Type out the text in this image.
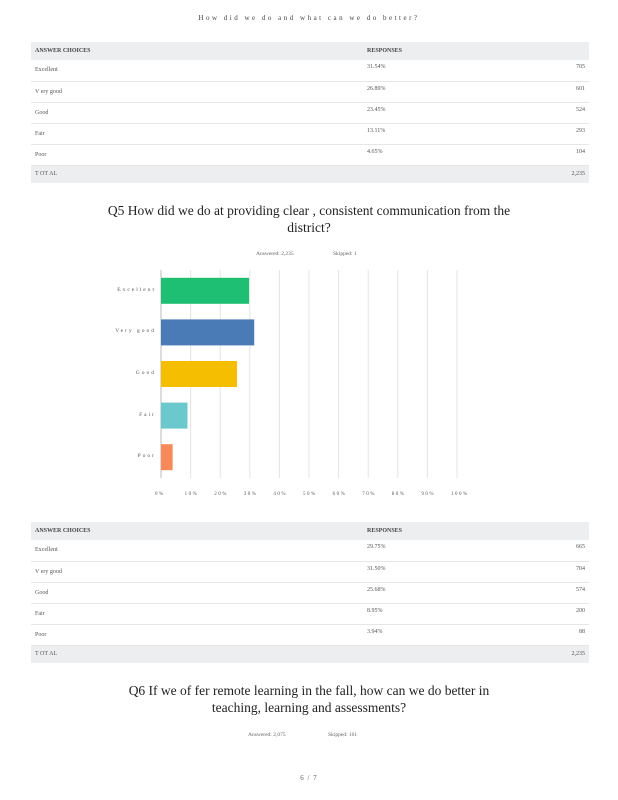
How did we do and what can we do better?
ANSWER CHOICES	RESPONSES	
Excellent	31.54%	705
V ery good	26.89%	601
Good	23.45%	524
Fair	13.11%	293
Poor	4.65%	104
T OT AL		2,235
Q5 How did we do at providing clear , consistent communication from the
district?
Answered: 2,235	Skipped: 1
Excellent
Very good
Good
Fair
Poor
0%	10%	20%	30%	40%	50%	60%	70%	80%	90%	100%
ANSWER CHOICES	RESPONSES	
Excellent	29.75%	665
V ery good	31.50%	704
Good	25.68%	574
Fair	8.95%	200
Poor	3.94%	88
T OT AL		2,235
Q6 If we of fer remote learning in the fall, how can we do better in
teaching, learning and assessments?
Answered: 2,075	Skipped: 161
6 / 7
